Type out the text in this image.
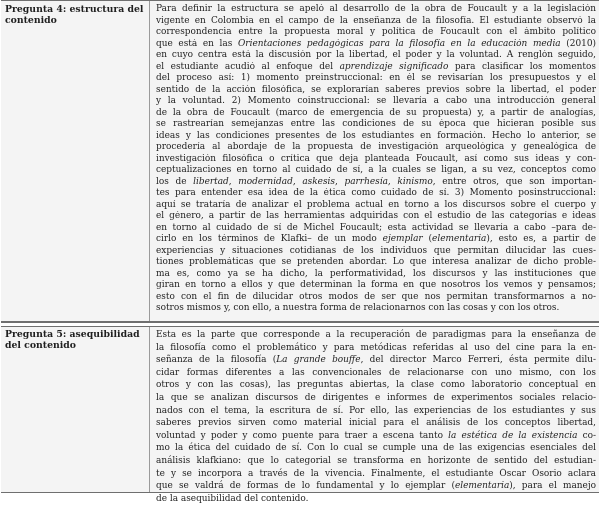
Pregunta 4: estructura del
contenido
Para definir la estructura se apeló al desarrollo de la obra de Foucault y a la legislación
vigente en Colombia en el campo de la enseñanza de la filosofía. El estudiante observó la
correspondencia entre la propuesta moral y política de Foucault con el ámbito político
que está en las Orientaciones pedagógicas para la filosofía en la educación media (2010)
en cuyo centra está la discusión por la libertad, el poder y la voluntad. A renglón seguido,
el estudiante acudió al enfoque del aprendizaje significado para clasificar los momentos
del proceso así: 1) momento preinstruccional: en él se revisarían los presupuestos y el
sentido de la acción filosófica, se explorarían saberes previos sobre la libertad, el poder
y la voluntad. 2) Momento coinstruccional: se llevaría a cabo una introducción general
de la obra de Foucault (marco de emergencia de su propuesta) y, a partir de analogías,
se rastrearían semejanzas entre las condiciones de su época que hicieran posible sus
ideas y las condiciones presentes de los estudiantes en formación. Hecho lo anterior, se
procedería al abordaje de la propuesta de investigación arqueológica y genealógica de
investigación filosófica o crítica que deja planteada Foucault, así como sus ideas y con-
ceptualizaciones en torno al cuidado de sí, a la cuales se ligan, a su vez, conceptos como
los de libertad, modernidad, askesis, parrhesía, kinismo, entre otros, que son importan-
tes para entender esa idea de la ética como cuidado de sí. 3) Momento posinstruccional:
aquí se trataría de analizar el problema actual en torno a los discursos sobre el cuerpo y
el género, a partir de las herramientas adquiridas con el estudio de las categorías e ideas
en torno al cuidado de sí de Michel Foucault; esta actividad se llevaría a cabo –para de-
cirlo en los términos de Klafki– de un modo ejemplar (elementaria), esto es, a partir de
experiencias y situaciones cotidianas de los individuos que permitan dilucidar las cues-
tiones problemáticas que se pretenden abordar. Lo que interesa analizar de dicho proble-
ma es, como ya se ha dicho, la performatividad, los discursos y las instituciones que
giran en torno a ellos y que determinan la forma en que nosotros los vemos y pensamos;
esto con el fin de dilucidar otros modos de ser que nos permitan transformarnos a no-
sotros mismos y, con ello, a nuestra forma de relacionarnos con las cosas y con los otros.
Pregunta 5: asequibilidad
del contenido
Esta es la parte que corresponde a la recuperación de paradigmas para la enseñanza de
la filosofía como el problemático y para metódicas referidas al uso del cine para la en-
señanza de la filosofía (La grande bouffe, del director Marco Ferreri, ésta permite dilu-
cidar formas diferentes a las convencionales de relacionarse con uno mismo, con los
otros y con las cosas), las preguntas abiertas, la clase como laboratorio conceptual en
la que se analizan discursos de dirigentes e informes de experimentos sociales relacio-
nados con el tema, la escritura de sí. Por ello, las experiencias de los estudiantes y sus
saberes previos sirven como material inicial para el análisis de los conceptos libertad,
voluntad y poder y como puente para traer a escena tanto la estética de la existencia co-
mo la ética del cuidado de sí. Con lo cual se cumple una de las exigencias esenciales del
análisis klafkiano: que lo categorial se transforma en horizonte de sentido del estudian-
te y se incorpora a través de la vivencia. Finalmente, el estudiante Óscar Osorio aclara
que se valdrá de formas de lo fundamental y lo ejemplar (elementaria), para el manejo
de la asequibilidad del contenido.
